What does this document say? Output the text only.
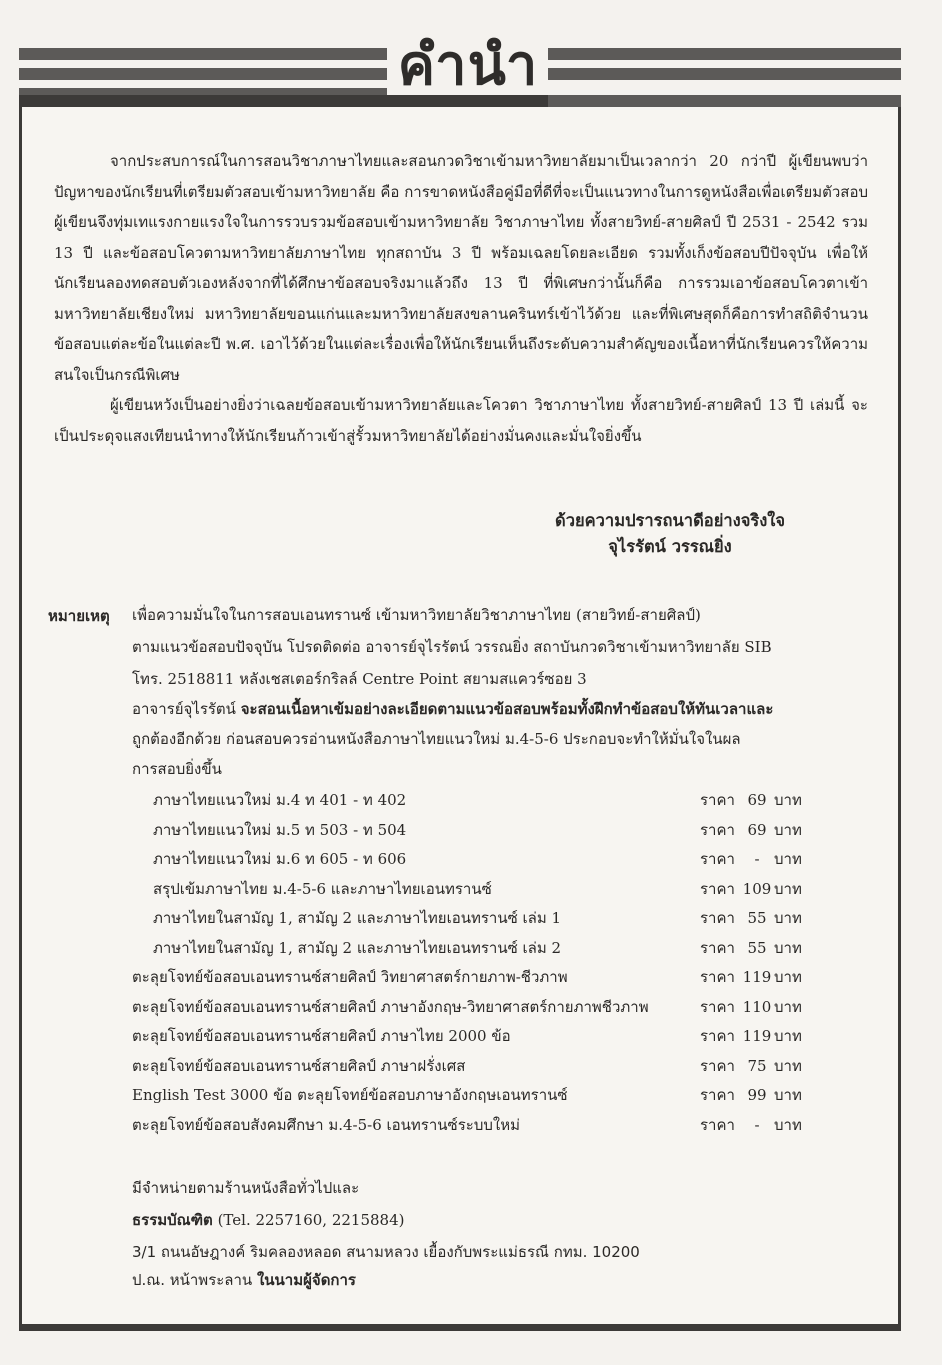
คำนำ
จากประสบการณ์ในการสอนวิชาภาษาไทยและสอนกวดวิชาเข้ามหาวิทยาลัยมาเป็นเวลากว่า 20 กว่าปี ผู้เขียนพบว่าปัญหาของนักเรียนที่เตรียมตัวสอบเข้ามหาวิทยาลัย คือ การขาดหนังสือคู่มือที่ดีที่จะเป็นแนวทางในการดูหนังสือเพื่อเตรียมตัวสอบ ผู้เขียนจึงทุ่มเทแรงกายแรงใจในการรวบรวมข้อสอบเข้ามหาวิทยาลัย วิชาภาษาไทย ทั้งสายวิทย์-สายศิลป์ ปี 2531 - 2542 รวม 13 ปี และข้อสอบโควตามหาวิทยาลัยภาษาไทย ทุกสถาบัน 3 ปี พร้อมเฉลยโดยละเอียด รวมทั้งเก็งข้อสอบปีปัจจุบัน เพื่อให้นักเรียนลองทดสอบตัวเองหลังจากที่ได้ศึกษาข้อสอบจริงมาแล้วถึง 13 ปี ที่พิเศษกว่านั้นก็คือ การรวมเอาข้อสอบโควตาเข้ามหาวิทยาลัยเชียงใหม่ มหาวิทยาลัยขอนแก่นและมหาวิทยาลัยสงขลานครินทร์เข้าไว้ด้วย และที่พิเศษสุดก็คือการทำสถิติจำนวนข้อสอบแต่ละข้อในแต่ละปี พ.ศ. เอาไว้ด้วยในแต่ละเรื่องเพื่อให้นักเรียนเห็นถึงระดับความสำคัญของเนื้อหาที่นักเรียนควรให้ความสนใจเป็นกรณีพิเศษ
ผู้เขียนหวังเป็นอย่างยิ่งว่าเฉลยข้อสอบเข้ามหาวิทยาลัยและโควตา วิชาภาษาไทย ทั้งสายวิทย์-สายศิลป์ 13 ปี เล่มนี้ จะเป็นประดุจแสงเทียนนำทางให้นักเรียนก้าวเข้าสู่รั้วมหาวิทยาลัยได้อย่างมั่นคงและมั่นใจยิ่งขึ้น
ด้วยความปรารถนาดีอย่างจริงใจ
จุไรรัตน์ วรรณยิ่ง
หมายเหตุ เพื่อความมั่นใจในการสอบเอนทรานซ์ เข้ามหาวิทยาลัยวิชาภาษาไทย (สายวิทย์-สายศิลป์)
ตามแนวข้อสอบปัจจุบัน โปรดติดต่อ อาจารย์จุไรรัตน์ วรรณยิ่ง สถาบันกวดวิชาเข้ามหาวิทยาลัย SIB
โทร. 2518811 หลังเชสเตอร์กริลล์ Centre Point สยามสแควร์ซอย 3
อาจารย์จุไรรัตน์ จะสอนเนื้อหาเข้มอย่างละเอียดตามแนวข้อสอบพร้อมทั้งฝึกทำข้อสอบให้ทันเวลาและ
ถูกต้องอีกด้วย ก่อนสอบควรอ่านหนังสือภาษาไทยแนวใหม่ ม.4-5-6 ประกอบจะทำให้มั่นใจในผล
การสอบยิ่งขึ้น
ภาษาไทยแนวใหม่ ม.4 ท 401 - ท 402	ราคา 69 บาท
ภาษาไทยแนวใหม่ ม.5 ท 503 - ท 504	ราคา 69 บาท
ภาษาไทยแนวใหม่ ม.6 ท 605 - ท 606	ราคา - บาท
สรุปเข้มภาษาไทย ม.4-5-6 และภาษาไทยเอนทรานซ์	ราคา 109 บาท
ภาษาไทยในสามัญ 1, สามัญ 2 และภาษาไทยเอนทรานซ์ เล่ม 1	ราคา 55 บาท
ภาษาไทยในสามัญ 1, สามัญ 2 และภาษาไทยเอนทรานซ์ เล่ม 2	ราคา 55 บาท
ตะลุยโจทย์ข้อสอบเอนทรานซ์สายศิลป์ วิทยาศาสตร์กายภาพ-ชีวภาพ	ราคา 119 บาท
ตะลุยโจทย์ข้อสอบเอนทรานซ์สายศิลป์ ภาษาอังกฤษ-วิทยาศาสตร์กายภาพชีวภาพ	ราคา 110 บาท
ตะลุยโจทย์ข้อสอบเอนทรานซ์สายศิลป์ ภาษาไทย 2000 ข้อ	ราคา 119 บาท
ตะลุยโจทย์ข้อสอบเอนทรานซ์สายศิลป์ ภาษาฝรั่งเศส	ราคา 75 บาท
English Test 3000 ข้อ ตะลุยโจทย์ข้อสอบภาษาอังกฤษเอนทรานซ์	ราคา 99 บาท
ตะลุยโจทย์ข้อสอบสังคมศึกษา ม.4-5-6 เอนทรานซ์ระบบใหม่	ราคา - บาท
มีจำหน่ายตามร้านหนังสือทั่วไปและ
ธรรมบัณฑิต (Tel. 2257160, 2215884)
3/1 ถนนอัษฎางค์ ริมคลองหลอด สนามหลวง เยื้องกับพระแม่ธรณี กทม. 10200
ป.ณ. หน้าพระลาน ในนามผู้จัดการ
